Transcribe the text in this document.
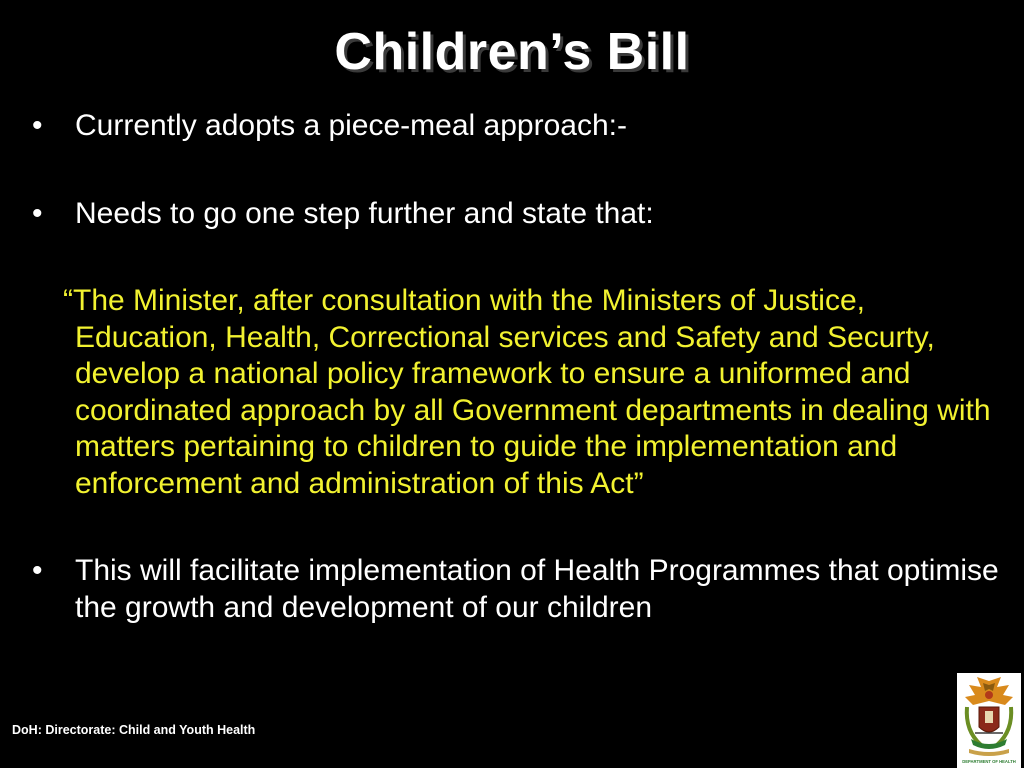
Children’s Bill

• Currently adopts a piece-meal approach:-

• Needs to go one step further and state that:

“The Minister, after consultation with the Ministers of Justice, Education, Health, Correctional services and Safety and Securty, develop a national policy framework to ensure a uniformed and coordinated approach by all Government departments in dealing with matters pertaining to children to guide the implementation and enforcement and administration of this Act”

• This will facilitate implementation of Health Programmes that optimise the growth and development of our children

DoH: Directorate: Child and Youth Health
DEPARTMENT OF HEALTH
